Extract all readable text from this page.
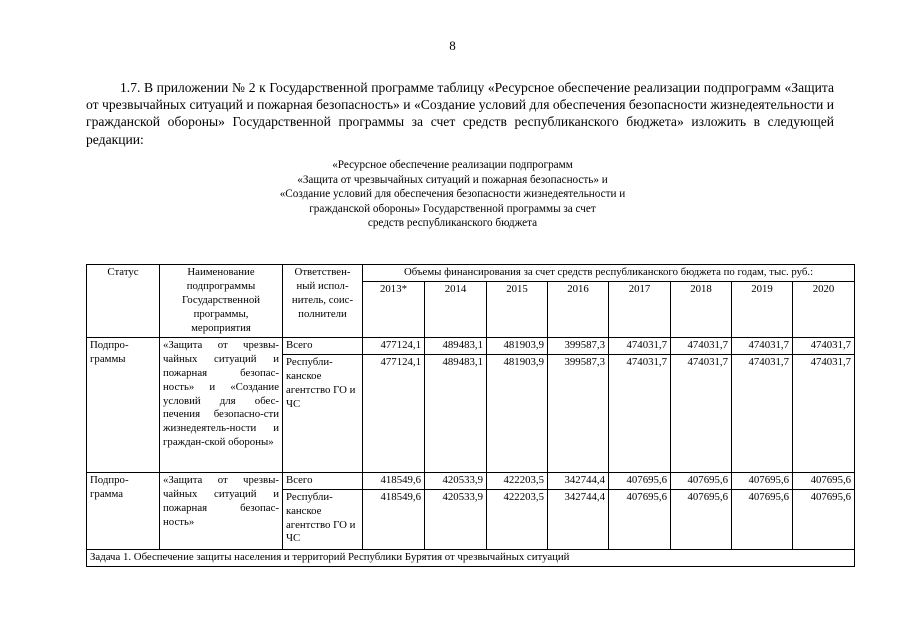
8

1.7. В приложении № 2 к Государственной программе таблицу «Ресурсное обеспечение реализации подпрограмм «Защита от чрезвычайных ситуаций и пожарная безопасность» и «Создание условий для обеспечения безопасности жизнедеятельности и гражданской обороны» Государственной программы за счет средств республиканского бюджета» изложить в следующей редакции:

«Ресурсное обеспечение реализации подпрограмм
«Защита от чрезвычайных ситуаций и пожарная безопасность» и
«Создание условий для обеспечения безопасности жизнедеятельности и
гражданской обороны» Государственной программы за счет
средств республиканского бюджета
Статус	Наименование подпрограммы Государственной программы, мероприятия	Ответствен-ный испол-нитель, соис-полнители	Объемы финансирования за счет средств республиканского бюджета по годам, тыс. руб.:							
			2013*	2014	2015	2016	2017	2018	2019	2020
Подпро-граммы	«Защита от чрезвы-чайных ситуаций и пожарная безопас-ность» и «Создание условий для обес-печения безопасно-сти жизнедеятель-ности и граждан-ской обороны»	Всего	477124,1	489483,1	481903,9	399587,3	474031,7	474031,7	474031,7	474031,7
		Республи-канское агентство ГО и ЧС	477124,1	489483,1	481903,9	399587,3	474031,7	474031,7	474031,7	474031,7
Подпро-грамма	«Защита от чрезвы-чайных ситуаций и пожарная безопас-ность»	Всего	418549,6	420533,9	422203,5	342744,4	407695,6	407695,6	407695,6	407695,6
		Республи-канское агентство ГО и ЧС	418549,6	420533,9	422203,5	342744,4	407695,6	407695,6	407695,6	407695,6
Задача 1. Обеспечение защиты населения и территорий Республики Бурятия от чрезвычайных ситуаций										
